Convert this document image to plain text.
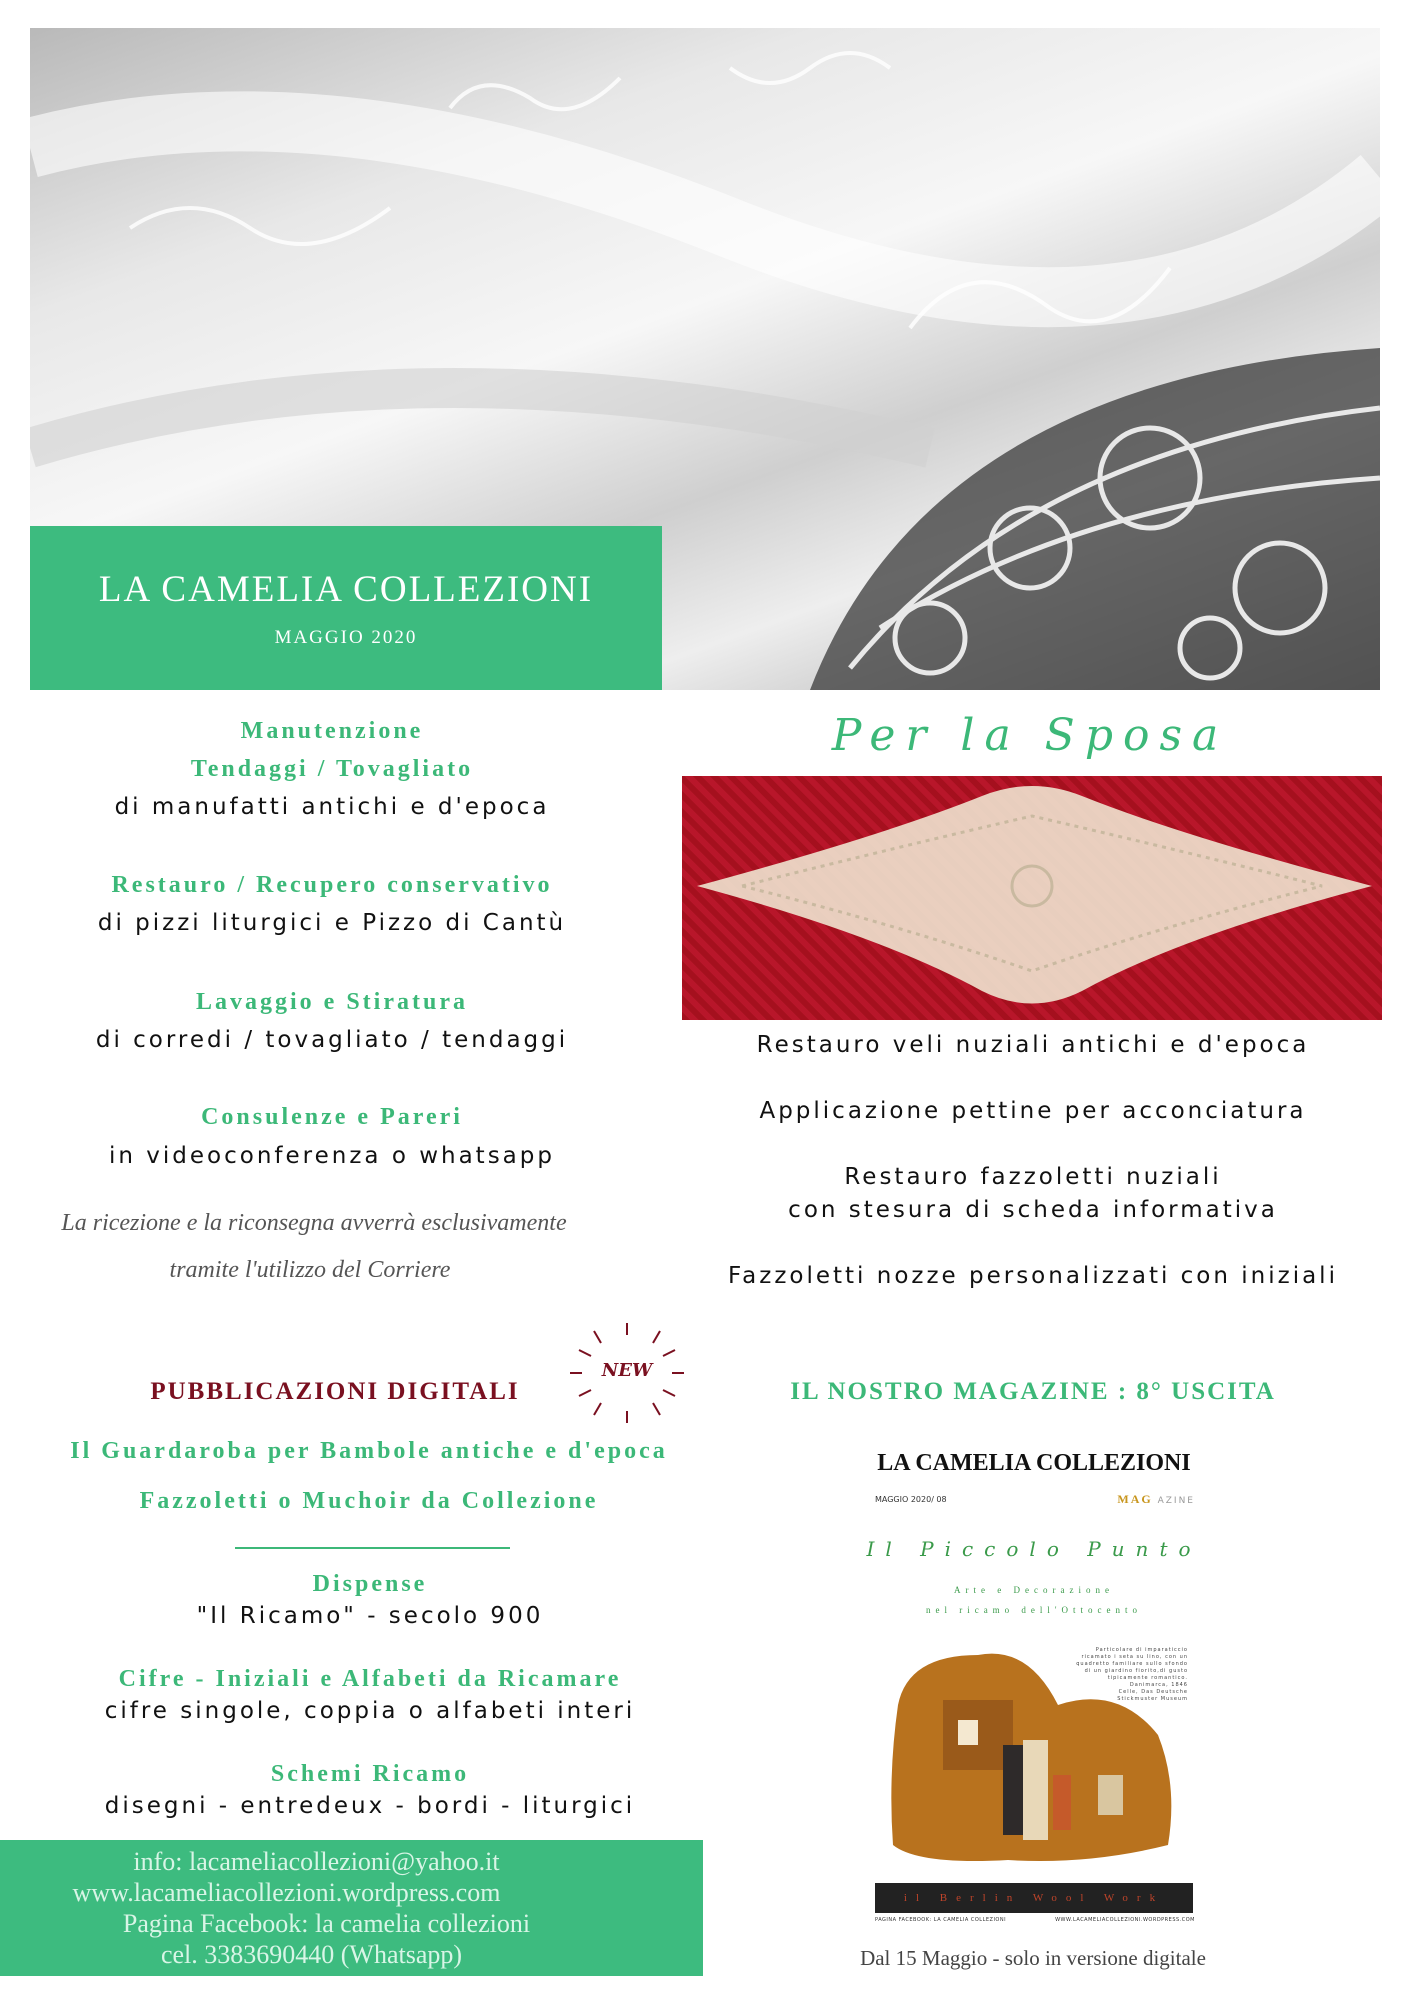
LA CAMELIA COLLEZIONI
MAGGIO 2020
Manutenzione
Tendaggi / Tovagliato
di manufatti antichi e d'epoca
Restauro / Recupero conservativo
di pizzi liturgici e Pizzo di Cantù
Lavaggio e Stiratura
di corredi / tovagliato / tendaggi
Consulenze e Pareri
in videoconferenza o whatsapp
La ricezione e la riconsegna avverrà esclusivamente
tramite l'utilizzo del Corriere
Per la Sposa
Restauro veli nuziali antichi e d'epoca
Applicazione pettine per acconciatura
Restauro fazzoletti nuziali
con stesura di scheda informativa
Fazzoletti nozze personalizzati con iniziali
PUBBLICAZIONI DIGITALI
NEW
Il Guardaroba per Bambole antiche e d'epoca
Fazzoletti o Muchoir da Collezione
Dispense
"Il Ricamo" - secolo 900
Cifre - Iniziali e Alfabeti da Ricamare
cifre singole, coppia o alfabeti interi
Schemi Ricamo
disegni - entredeux - bordi - liturgici
IL NOSTRO MAGAZINE : 8° USCITA
LA CAMELIA COLLEZIONI
MAGGIO 2020/ 08	MAG AZINE
Il Piccolo Punto
Arte e Decorazione
nel ricamo dell'Ottocento
Particolare di imparaticcio
ricamato i seta su lino, con un
quadretto familiare sullo sfondo
di un giardino fiorito,di gusto
tipicamente romantico.
Danimarca, 1846
Celle, Das Deutsche
Stickmuster Museum
il Berlin Wool Work
PAGINA FACEBOOK: LA CAMELIA COLLEZIONI	WWW.LACAMELIACOLLEZIONI.WORDPRESS.COM
Dal 15 Maggio - solo in versione digitale
info: lacameliacollezioni@yahoo.it
www.lacameliacollezioni.wordpress.com
Pagina Facebook: la camelia collezioni
cel. 3383690440 (Whatsapp)
